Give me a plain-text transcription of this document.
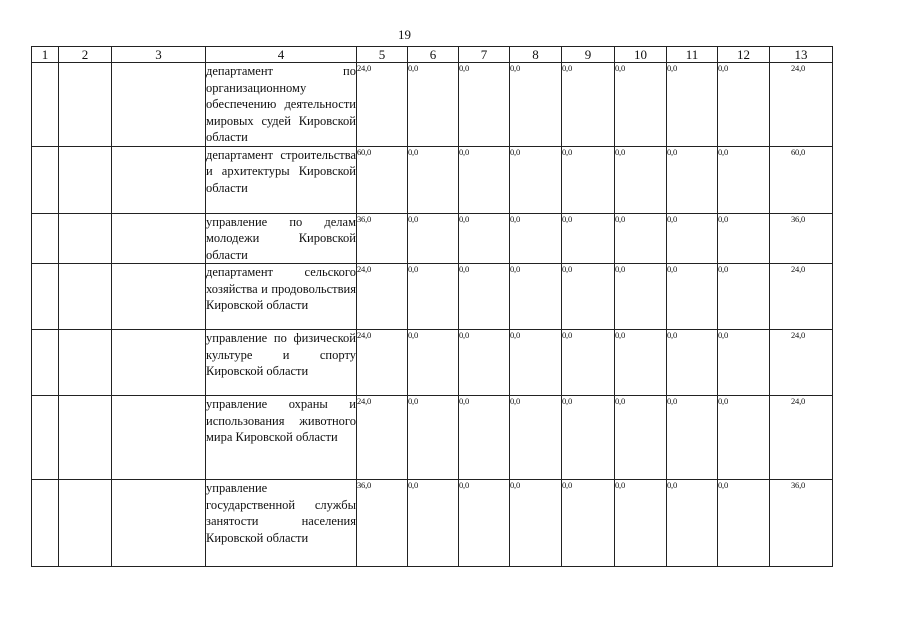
19
1	2	3	4	5	6	7	8	9	10	11	12	13
			департамент по организационному обеспечению деятельности мировых судей Кировской области	24,0	0,0	0,0	0,0	0,0	0,0	0,0	0,0	24,0
			департамент строительства и архитектуры Кировской области	60,0	0,0	0,0	0,0	0,0	0,0	0,0	0,0	60,0
			управление по делам молодежи Кировской области	36,0	0,0	0,0	0,0	0,0	0,0	0,0	0,0	36,0
			департамент сельского хозяйства и продовольствия Кировской области	24,0	0,0	0,0	0,0	0,0	0,0	0,0	0,0	24,0
			управление по физической культуре и спорту Кировской области	24,0	0,0	0,0	0,0	0,0	0,0	0,0	0,0	24,0
			управление охраны и использования животного мира Кировской области	24,0	0,0	0,0	0,0	0,0	0,0	0,0	0,0	24,0
			управление государственной службы занятости населения Кировской области	36,0	0,0	0,0	0,0	0,0	0,0	0,0	0,0	36,0
